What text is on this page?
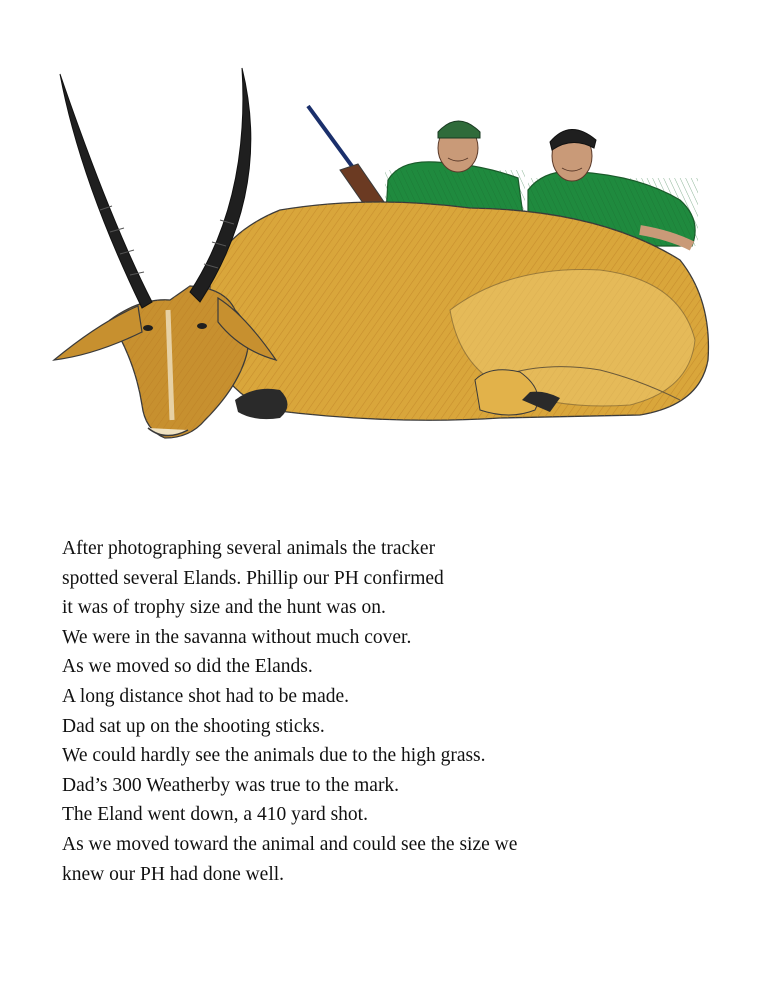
After photographing several animals the tracker
spotted several Elands. Phillip our PH confirmed
it was of trophy size and the hunt was on.
We were in the savanna without much cover.
As we moved so did the Elands.
A long distance shot had to be made.
Dad sat up on the shooting sticks.
We could hardly see the animals due to the high grass.
Dad’s 300 Weatherby was true to the mark.
The Eland went down, a 410 yard shot.
As we moved toward the animal and could see the size we
knew our PH had done well.
